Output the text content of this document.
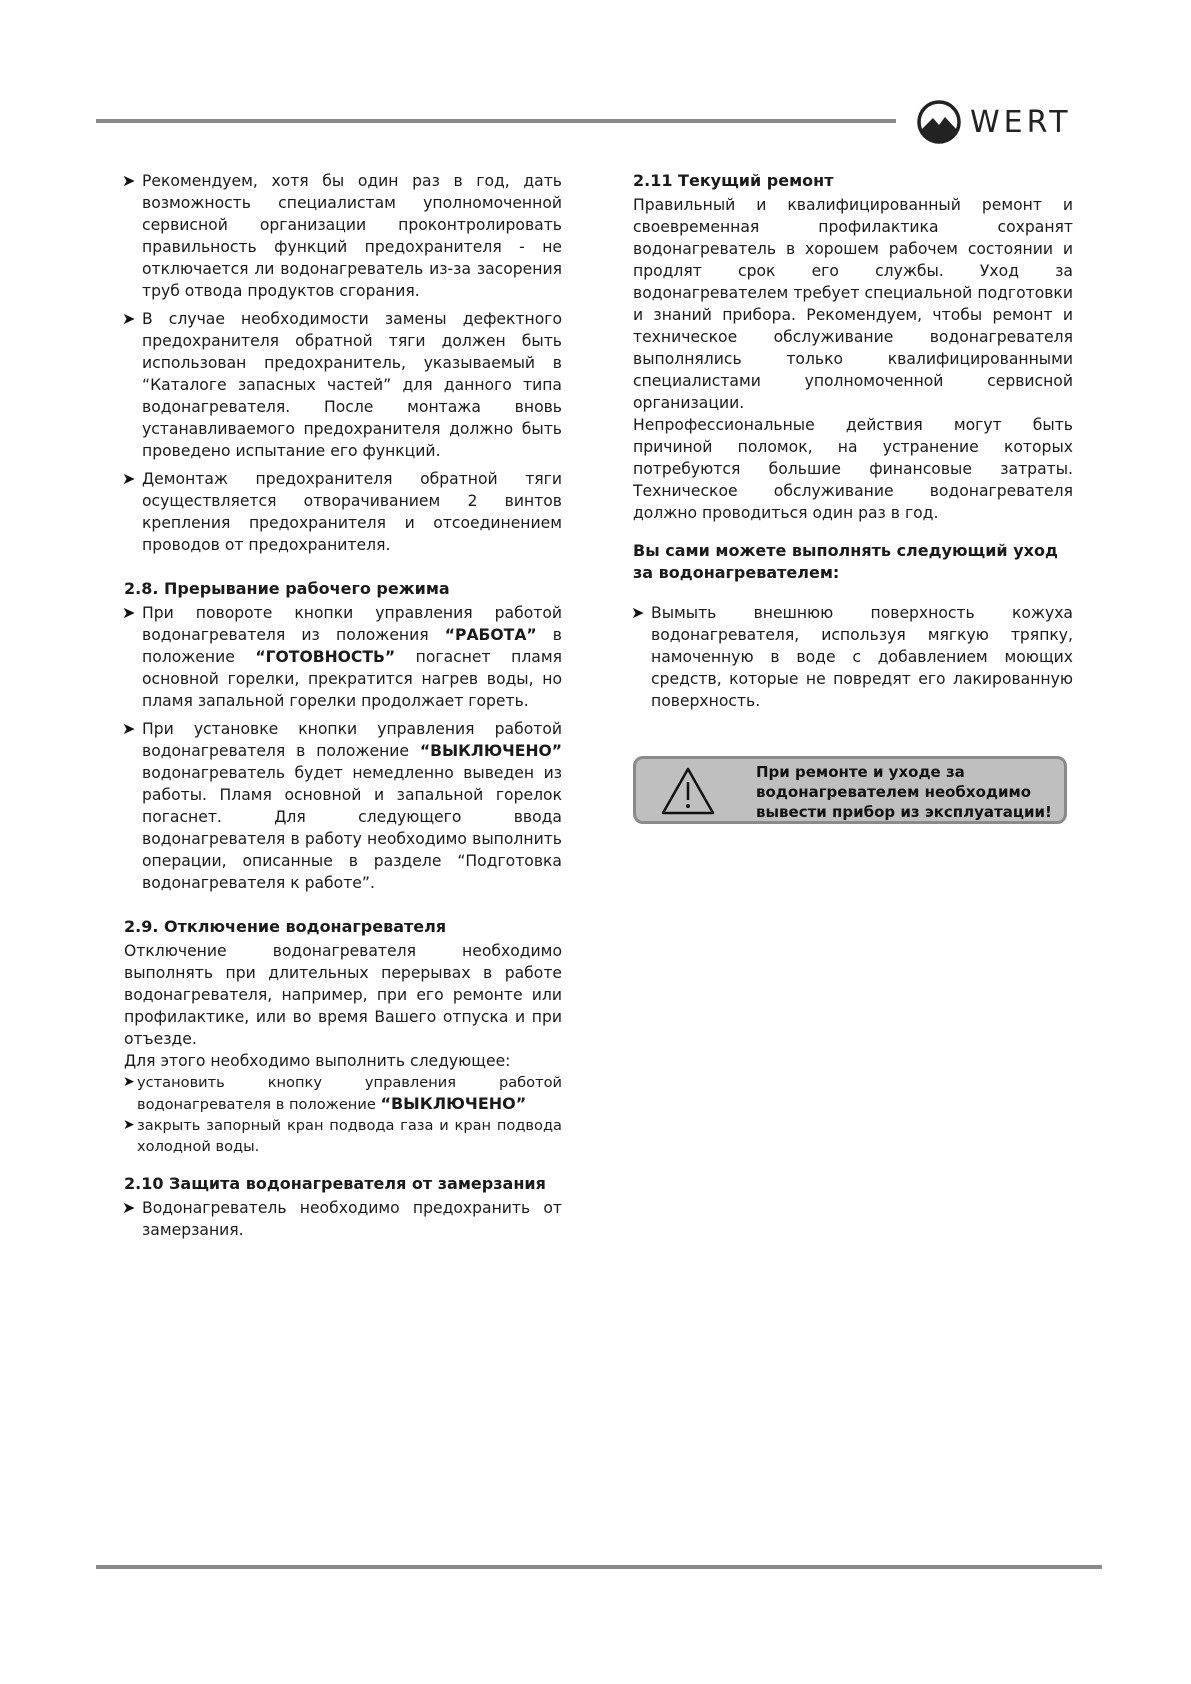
WERT
➤ Рекомендуем, хотя бы один раз в год, дать возможность специалистам уполномоченной сервисной организации проконтролировать правильность функций предохранителя - не отключается ли водонагреватель из-за засорения труб отвода продуктов сгорания.
➤ В случае необходимости замены дефектного предохранителя обратной тяги должен быть использован предохранитель, указываемый в “Каталоге запасных частей” для данного типа водонагревателя. После монтажа вновь устанавливаемого предохранителя должно быть проведено испытание его функций.
➤ Демонтаж предохранителя обратной тяги осуществляется отворачиванием 2 винтов крепления предохранителя и отсоединением проводов от предохранителя.
2.8. Прерывание рабочего режима
➤ При повороте кнопки управления работой водонагревателя из положения “РАБОТА” в положение “ГОТОВНОСТЬ” погаснет пламя основной горелки, прекратится нагрев воды, но пламя запальной горелки продолжает гореть.
➤ При установке кнопки управления работой водонагревателя в положение “ВЫКЛЮЧЕНО” водонагреватель будет немедленно выведен из работы. Пламя основной и запальной горелок погаснет. Для следующего ввода водонагревателя в работу необходимо выполнить операции, описанные в разделе “Подготовка водонагревателя к работе”.
2.9. Отключение водонагревателя

Отключение водонагревателя необходимо выполнять при длительных перерывах в работе водонагревателя, например, при его ремонте или профилактике, или во время Вашего отпуска и при отъезде.

Для этого необходимо выполнить следующее:

➤ установить кнопку управления работой водонагревателя в положение “ВЫКЛЮЧЕНО”
➤ закрыть запорный кран подвода газа и кран подвода холодной воды.
2.10 Защита водонагревателя от замерзания
➤ Водонагреватель необходимо предохранить от замерзания.
2.11 Текущий ремонт

Правильный и квалифицированный ремонт и своевременная профилактика сохранят водонагреватель в хорошем рабочем состоянии и продлят срок его службы. Уход за водонагревателем требует специальной подготовки и знаний прибора. Рекомендуем, чтобы ремонт и техническое обслуживание водонагревателя выполнялись только квалифицированными специалистами уполномоченной сервисной организации.

Непрофессиональные действия могут быть причиной поломок, на устранение которых потребуются большие финансовые затраты. Техническое обслуживание водонагревателя должно проводиться один раз в год.

Вы сами можете выполнять следующий уход за водонагревателем:
➤ Вымыть внешнюю поверхность кожуха водонагревателя, используя мягкую тряпку, намоченную в воде с добавлением моющих средств, которые не повредят его лакированную поверхность.
При ремонте и уходе за водонагревателем необходимо вывести прибор из эксплуатации!
